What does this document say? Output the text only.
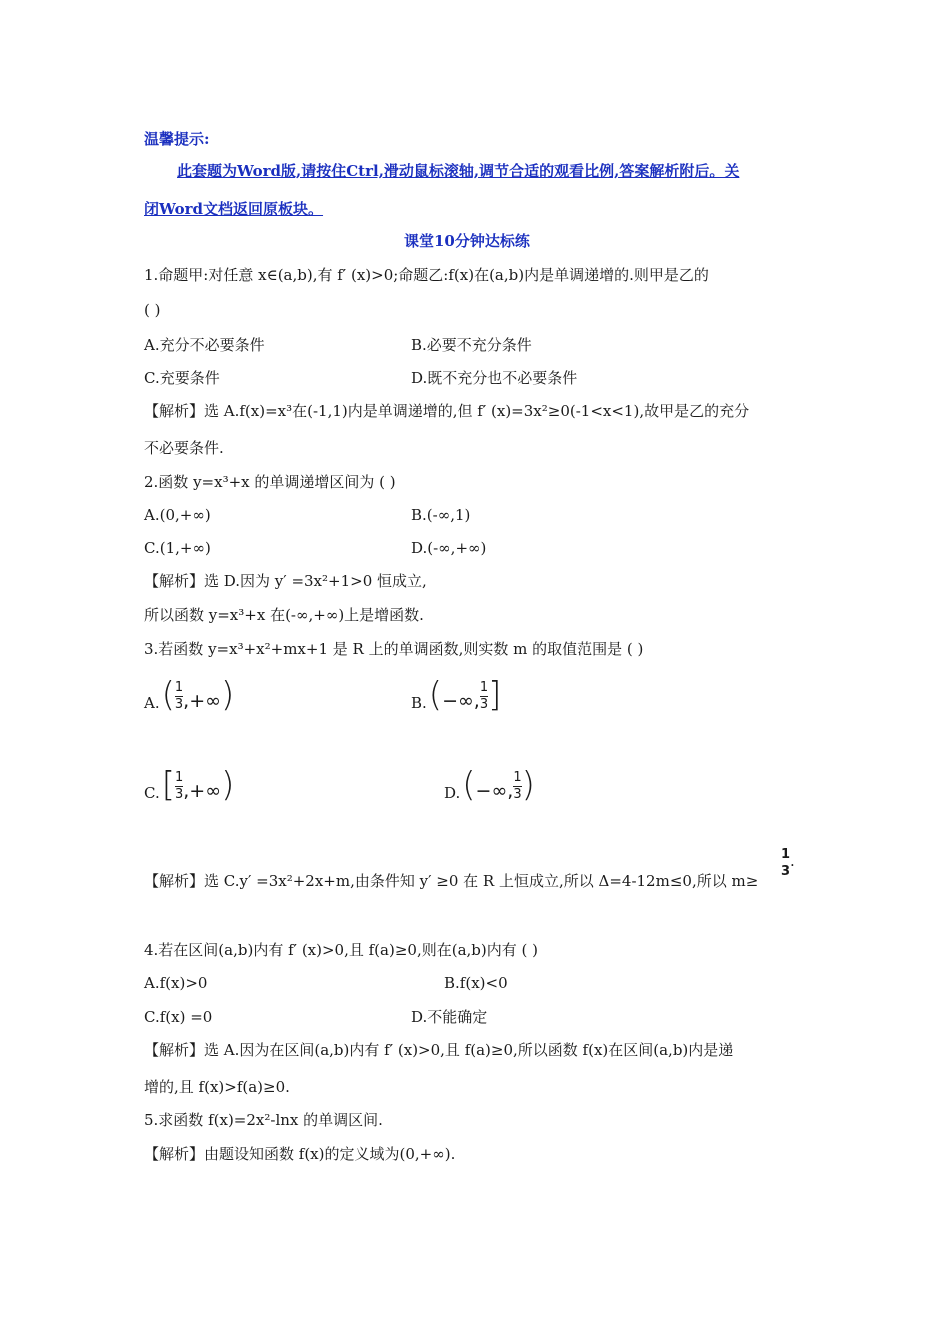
温馨提示:
此套题为Word版,请按住Ctrl,滑动鼠标滚轴,调节合适的观看比例,答案解析附后。关
闭Word文档返回原板块。
课堂10分钟达标练
1.命题甲:对任意 x∈(a,b),有 f′ (x)>0;命题乙:f(x)在(a,b)内是单调递增的.则甲是乙的
( )
A.充分不必要条件	B.必要不充分条件
C.充要条件	D.既不充分也不必要条件
【解析】选 A.f(x)=x³在(-1,1)内是单调递增的,但 f′ (x)=3x²≥0(-1<x<1),故甲是乙的充分
不必要条件.
2.函数 y=x³+x 的单调递增区间为 ( )
A.(0,+∞)	B.(-∞,1)
C.(1,+∞)	D.(-∞,+∞)
【解析】选 D.因为 y′ =3x²+1>0 恒成立,
所以函数 y=x³+x 在(-∞,+∞)上是增函数.
3.若函数 y=x³+x²+mx+1 是 R 上的单调函数,则实数 m 的取值范围是 ( )
A. ( $\frac{1}{3}$ ,+∞ )	B. ( −∞, $\frac{1}{3}$ ]
C. [ $\frac{1}{3}$ ,+∞ )	D. ( −∞, $\frac{1}{3}$ )
【解析】选 C.y′ =3x²+2x+m,由条件知 y′ ≥0 在 R 上恒成立,所以 Δ=4-12m≤0,所以 m≥
1
3
.
4.若在区间(a,b)内有 f′ (x)>0,且 f(a)≥0,则在(a,b)内有 ( )
A.f(x)>0	B.f(x)<0
C.f(x) =0	D.不能确定
【解析】选 A.因为在区间(a,b)内有 f′ (x)>0,且 f(a)≥0,所以函数 f(x)在区间(a,b)内是递
增的,且 f(x)>f(a)≥0.
5.求函数 f(x)=2x²-lnx 的单调区间.
【解析】由题设知函数 f(x)的定义域为(0,+∞).
